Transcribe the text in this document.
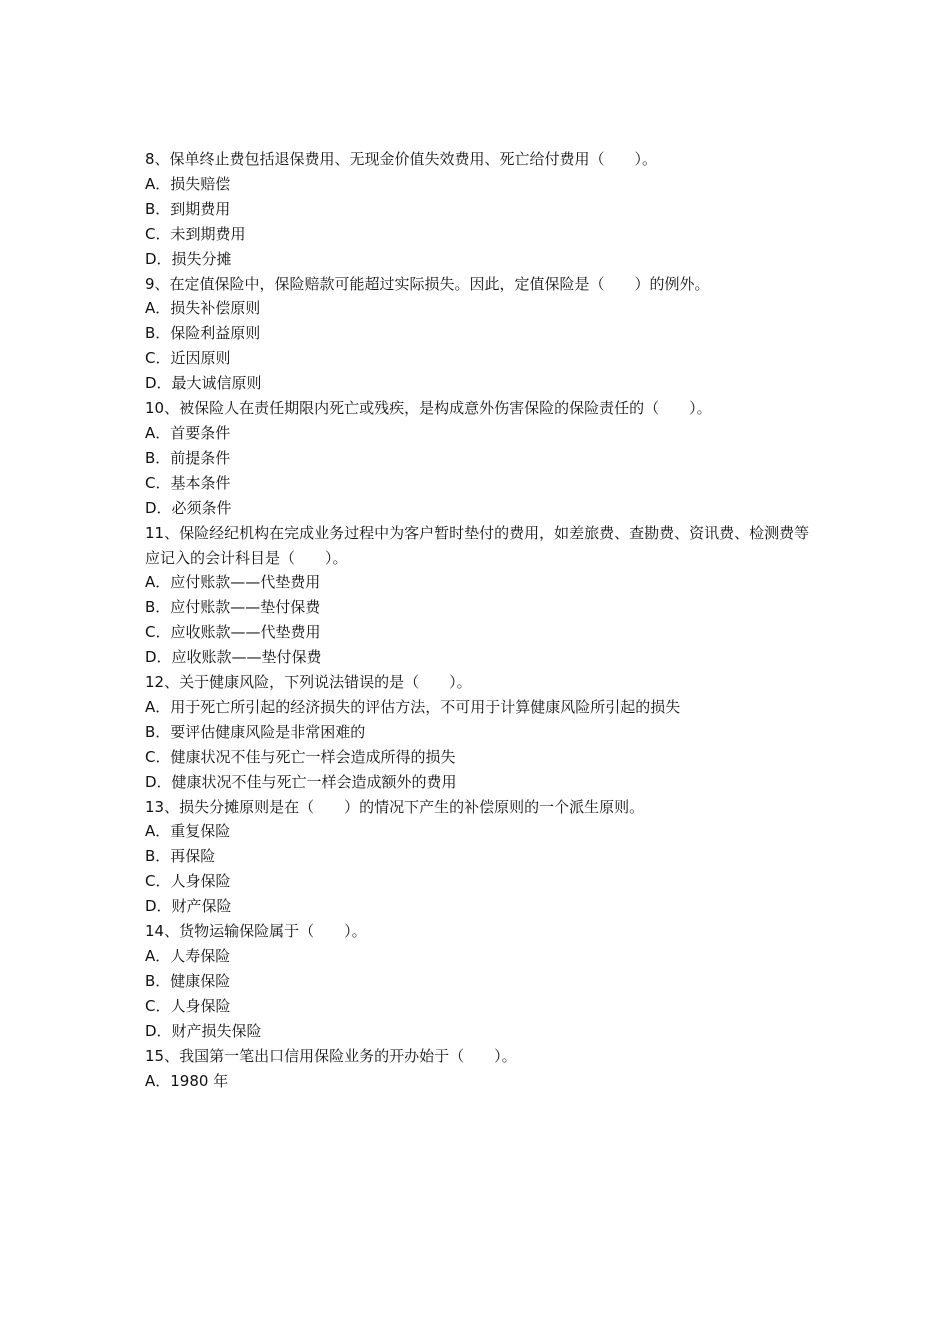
8、保单终止费包括退保费用、无现金价值失效费用、死亡给付费用（　　）。
A．损失赔偿
B．到期费用
C．未到期费用
D．损失分摊
9、在定值保险中，保险赔款可能超过实际损失。因此，定值保险是（　　）的例外。
A．损失补偿原则
B．保险利益原则
C．近因原则
D．最大诚信原则
10、被保险人在责任期限内死亡或残疾，是构成意外伤害保险的保险责任的（　　）。
A．首要条件
B．前提条件
C．基本条件
D．必须条件
11、保险经纪机构在完成业务过程中为客户暂时垫付的费用，如差旅费、查勘费、资讯费、检测费等应记入的会计科目是（　　）。
A．应付账款——代垫费用
B．应付账款——垫付保费
C．应收账款——代垫费用
D．应收账款——垫付保费
12、关于健康风险，下列说法错误的是（　　）。
A．用于死亡所引起的经济损失的评估方法，不可用于计算健康风险所引起的损失
B．要评估健康风险是非常困难的
C．健康状况不佳与死亡一样会造成所得的损失
D．健康状况不佳与死亡一样会造成额外的费用
13、损失分摊原则是在（　　）的情况下产生的补偿原则的一个派生原则。
A．重复保险
B．再保险
C．人身保险
D．财产保险
14、货物运输保险属于（　　）。
A．人寿保险
B．健康保险
C．人身保险
D．财产损失保险
15、我国第一笔出口信用保险业务的开办始于（　　）。
A．1980 年
